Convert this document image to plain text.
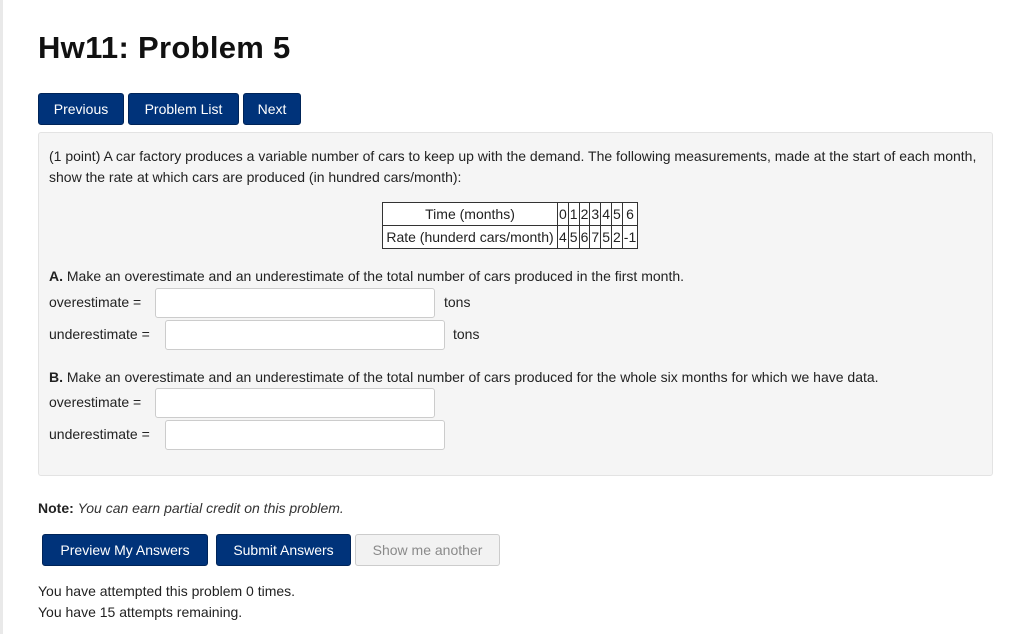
Hw11: Problem 5
Previous	Problem List	Next
(1 point) A car factory produces a variable number of cars to keep up with the demand. The following measurements, made at the start of each month, show the rate at which cars are produced (in hundred cars/month):
Time (months)	0	1	2	3	4	5	6
Rate (hunderd cars/month)	4	5	6	7	5	2	-1
A. Make an overestimate and an underestimate of the total number of cars produced in the first month.
overestimate =	tons
underestimate =	tons
B. Make an overestimate and an underestimate of the total number of cars produced for the whole six months for which we have data.
overestimate =
underestimate =
Note: You can earn partial credit on this problem.
Preview My Answers	Submit Answers	Show me another
You have attempted this problem 0 times.
You have 15 attempts remaining.
